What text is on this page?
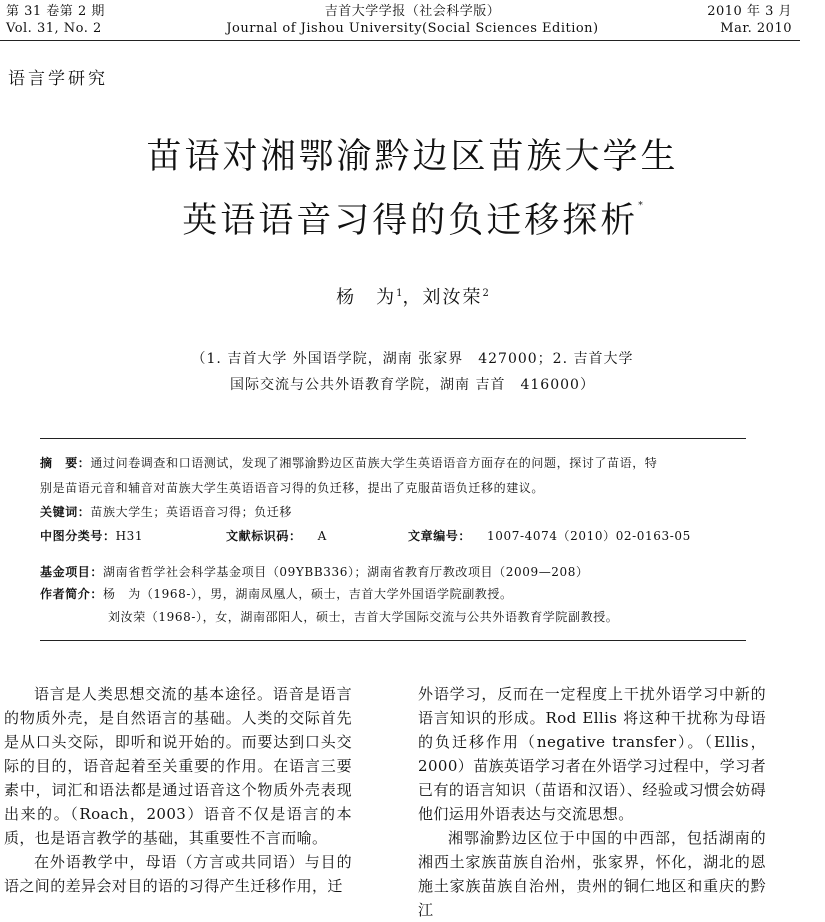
第 31 卷第 2 期
Vol. 31, No. 2
吉首大学学报（社会科学版）
Journal of Jishou University(Social Sciences Edition)
2010 年 3 月
Mar. 2010
语言学研究
苗语对湘鄂渝黔边区苗族大学生
英语语音习得的负迁移探析*
杨　为$^1$，刘汝荣$^2$
（1. 吉首大学 外国语学院，湖南 张家界　427000；2. 吉首大学
国际交流与公共外语教育学院，湖南 吉首　416000）
摘　要：通过问卷调查和口语测试，发现了湘鄂渝黔边区苗族大学生英语语音方面存在的问题，探讨了苗语，特
别是苗语元音和辅音对苗族大学生英语语音习得的负迁移，提出了克服苗语负迁移的建议。
关键词：苗族大学生；英语语音习得；负迁移
中图分类号：H31	文献标识码： A	文章编号： 1007-4074（2010）02-0163-05
基金项目：湖南省哲学社会科学基金项目（09YBB336）；湖南省教育厅教改项目（2009—208）
作者简介：杨　为（1968-），男，湖南凤凰人，硕士，吉首大学外国语学院副教授。
刘汝荣（1968-），女，湖南邵阳人，硕士，吉首大学国际交流与公共外语教育学院副教授。

语言是人类思想交流的基本途径。语音是语言的物质外壳，是自然语言的基础。人类的交际首先是从口头交际，即听和说开始的。而要达到口头交际的目的，语音起着至关重要的作用。在语言三要素中，词汇和语法都是通过语音这个物质外壳表现出来的。（Roach，2003）语音不仅是语言的本质，也是语言教学的基础，其重要性不言而喻。

在外语教学中，母语（方言或共同语）与目的语之间的差异会对目的语的习得产生迁移作用，迁

外语学习，反而在一定程度上干扰外语学习中新的语言知识的形成。Rod Ellis 将这种干扰称为母语的负迁移作用（negative transfer）。（Ellis，2000）苗族英语学习者在外语学习过程中，学习者已有的语言知识（苗语和汉语）、经验或习惯会妨碍他们运用外语表达与交流思想。

湘鄂渝黔边区位于中国的中西部，包括湖南的湘西土家族苗族自治州，张家界，怀化，湖北的恩施土家族苗族自治州，贵州的铜仁地区和重庆的黔江
